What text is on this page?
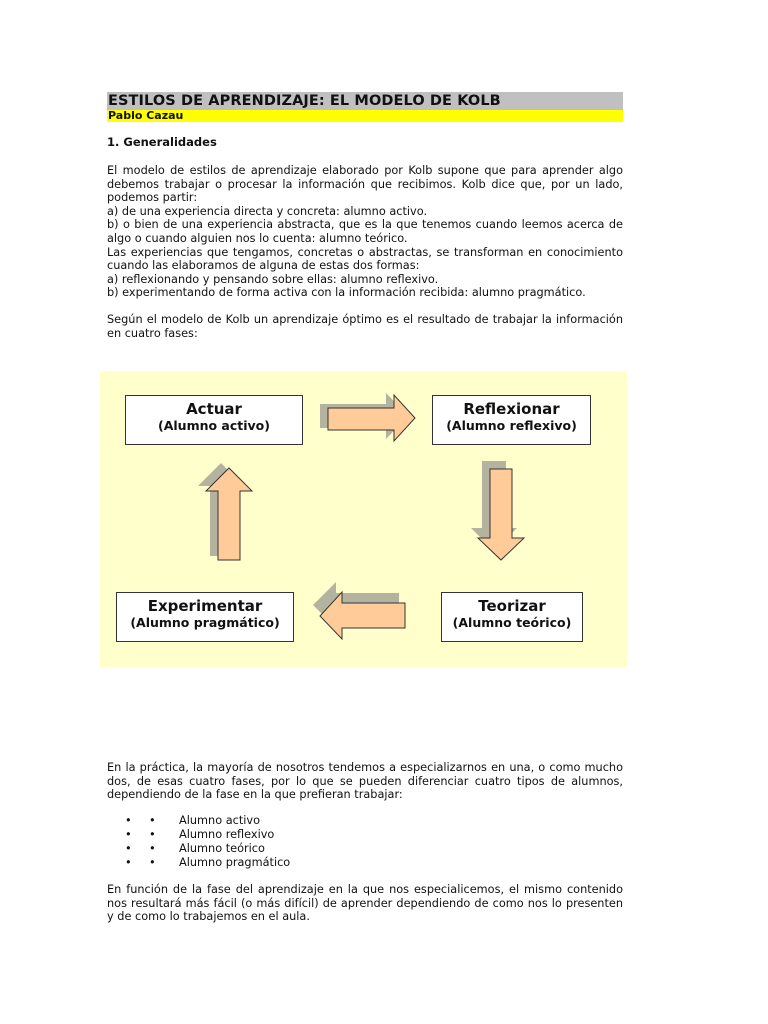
ESTILOS DE APRENDIZAJE: EL MODELO DE KOLB
Pablo Cazau
1. Generalidades
El modelo de estilos de aprendizaje elaborado por Kolb supone que para aprender algo
debemos trabajar o procesar la información que recibimos. Kolb dice que, por un lado,
podemos partir:
a) de una experiencia directa y concreta: alumno activo.
b) o bien de una experiencia abstracta, que es la que tenemos cuando leemos acerca de
algo o cuando alguien nos lo cuenta: alumno teórico.
Las experiencias que tengamos, concretas o abstractas, se transforman en conocimiento
cuando las elaboramos de alguna de estas dos formas:
a) reflexionando y pensando sobre ellas: alumno reflexivo.
b) experimentando de forma activa con la información recibida: alumno pragmático.
Según el modelo de Kolb un aprendizaje óptimo es el resultado de trabajar la información
en cuatro fases:
Actuar
(Alumno activo)
Reflexionar
(Alumno reflexivo)
Teorizar
(Alumno teórico)
Experimentar
(Alumno pragmático)
En la práctica, la mayoría de nosotros tendemos a especializarnos en una, o como mucho
dos, de esas cuatro fases, por lo que se pueden diferenciar cuatro tipos de alumnos,
dependiendo de la fase en la que prefieran trabajar:
• • Alumno activo
• • Alumno reflexivo
• • Alumno teórico
• • Alumno pragmático
En función de la fase del aprendizaje en la que nos especialicemos, el mismo contenido
nos resultará más fácil (o más difícil) de aprender dependiendo de como nos lo presenten
y de como lo trabajemos en el aula.
